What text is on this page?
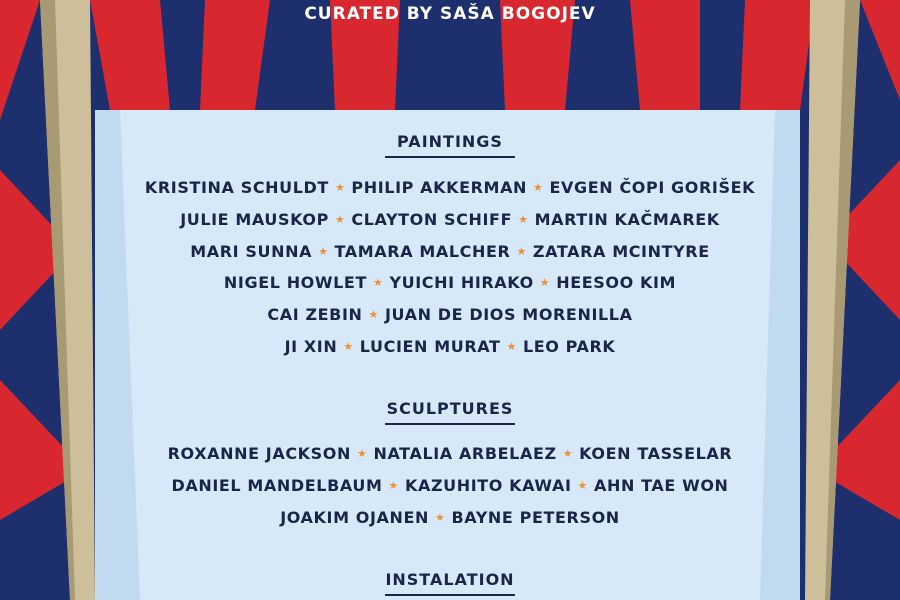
CURATED BY SAŠA BOGOJEV
PAINTINGS
KRISTINA SCHULDT ★ PHILIP AKKERMAN ★ EVGEN ČOPI GORIŠEK
JULIE MAUSKOP ★ CLAYTON SCHIFF ★ MARTIN KAČMAREK
MARI SUNNA ★ TAMARA MALCHER ★ ZATARA MCINTYRE
NIGEL HOWLET ★ YUICHI HIRAKO ★ HEESOO KIM
CAI ZEBIN ★ JUAN DE DIOS MORENILLA
JI XIN ★ LUCIEN MURAT ★ LEO PARK
SCULPTURES
ROXANNE JACKSON ★ NATALIA ARBELAEZ ★ KOEN TASSELAR
DANIEL MANDELBAUM ★ KAZUHITO KAWAI ★ AHN TAE WON
JOAKIM OJANEN ★ BAYNE PETERSON
INSTALATION
